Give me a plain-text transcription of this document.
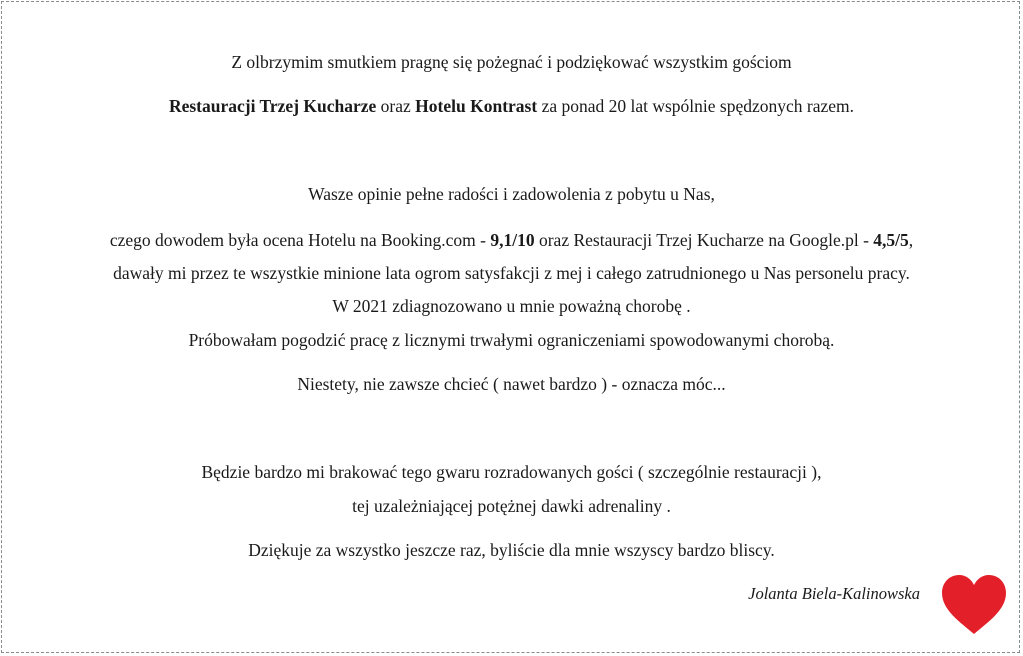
Z olbrzymim smutkiem pragnę się pożegnać i podziękować wszystkim gościom
Restauracji Trzej Kucharze oraz Hotelu Kontrast za ponad 20 lat wspólnie spędzonych razem.
Wasze opinie pełne radości i zadowolenia z pobytu u Nas,
czego dowodem była ocena Hotelu na Booking.com - 9,1/10 oraz Restauracji Trzej Kucharze na Google.pl - 4,5/5,
dawały mi przez te wszystkie minione lata ogrom satysfakcji z mej i całego zatrudnionego u Nas personelu pracy.
W 2021 zdiagnozowano u mnie poważną chorobę .
Próbowałam pogodzić pracę z licznymi trwałymi ograniczeniami spowodowanymi chorobą.
Niestety, nie zawsze chcieć ( nawet bardzo ) - oznacza móc...
Będzie bardzo mi brakować tego gwaru rozradowanych gości ( szczególnie restauracji ),
tej uzależniającej potężnej dawki adrenaliny .
Dziękuje za wszystko jeszcze raz, byliście dla mnie wszyscy bardzo bliscy.
Jolanta Biela-Kalinowska
